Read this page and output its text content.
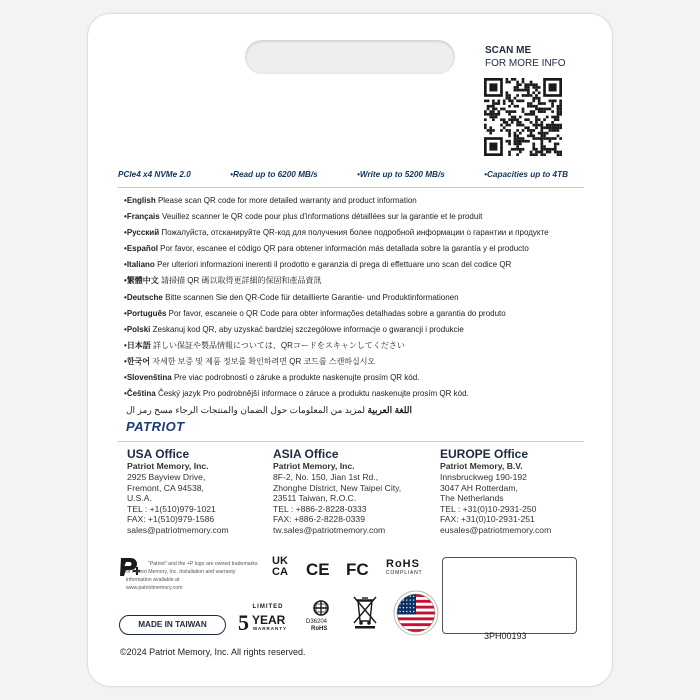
SCAN ME
FOR MORE INFO
PCIe4 x4 NVMe 2.0	• Read up to 6200 MB/s	• Write up to 5200 MB/s	• Capacities up to 4TB
• English Please scan QR code for more detailed warranty and product information
• Français Veuillez scanner le QR code pour plus d'informations détaillées sur la garantie et le produit
• Русский Пожалуйста, отсканируйте QR-код для получения более подробной информации о гарантии и продукте
• Español Por favor, escanee el código QR para obtener información más detallada sobre la garantía y el producto
• Italiano Per ulteriori informazioni inerenti il prodotto e garanzia di prega di effettuare uno scan del codice QR
• 繁體中文 請掃描 QR 碼以取得更詳細的保固和產品資訊
• Deutsche Bitte scannen Sie den QR-Code für detaillierte Garantie- und Produktinformationen
• Português Por favor, escaneie o QR Code para obter informações detalhadas sobre a garantia do produto
• Polski Zeskanuj kod QR, aby uzyskać bardziej szczegółowe informacje o gwarancji i produkcie
• 日本語 詳しい保証や製品情報については、QRコードをスキャンしてください
• 한국어 자세한 보증 및 제품 정보를 확인하려면 QR 코드를 스캔하십시오
• Slovenština Pre viac podrobností o záruke a produkte naskenujte prosím QR kód.
• Čeština Český jazyk Pro podrobnější informace o záruce a produktu naskenujte prosím QR kód.
اللغة العربية لمزيد من المعلومات حول الضمان والمنتجات الرجاء مسح رمز ال
PATRIOT
USA Office
Patriot Memory, Inc.
2925 Bayview Drive,
Fremont, CA 94538,
U.S.A.
TEL : +1(510)979-1021
FAX: +1(510)979-1586
sales@patriotmemory.com
ASIA Office
Patriot Memory, Inc.
8F-2, No. 150, Jian 1st Rd.,
Zhonghe District, New Taipei City,
23511 Taiwan, R.O.C.
TEL : +886-2-8228-0333
FAX: +886-2-8228-0339
tw.sales@patriotmemory.com
EUROPE Office
Patriot Memory, B.V.
Innsbruckweg 190-192
3047 AH Rotterdam,
The Netherlands
TEL : +31(0)10-2931-250
FAX: +31(0)10-2931-251
eusales@patriotmemory.com
"Patriot" and the +P logo are owned trademarks of Patriot Memory, Inc. Installation and warranty information available at
www.patriotmemory.com
UK
CA CE FC RoHS
COMPLIANT
MADE IN TAIWAN
LIMITED
5 YEAR
WARRANTY
D36204
RoHS
3PH00193
©2024 Patriot Memory, Inc. All rights reserved.
